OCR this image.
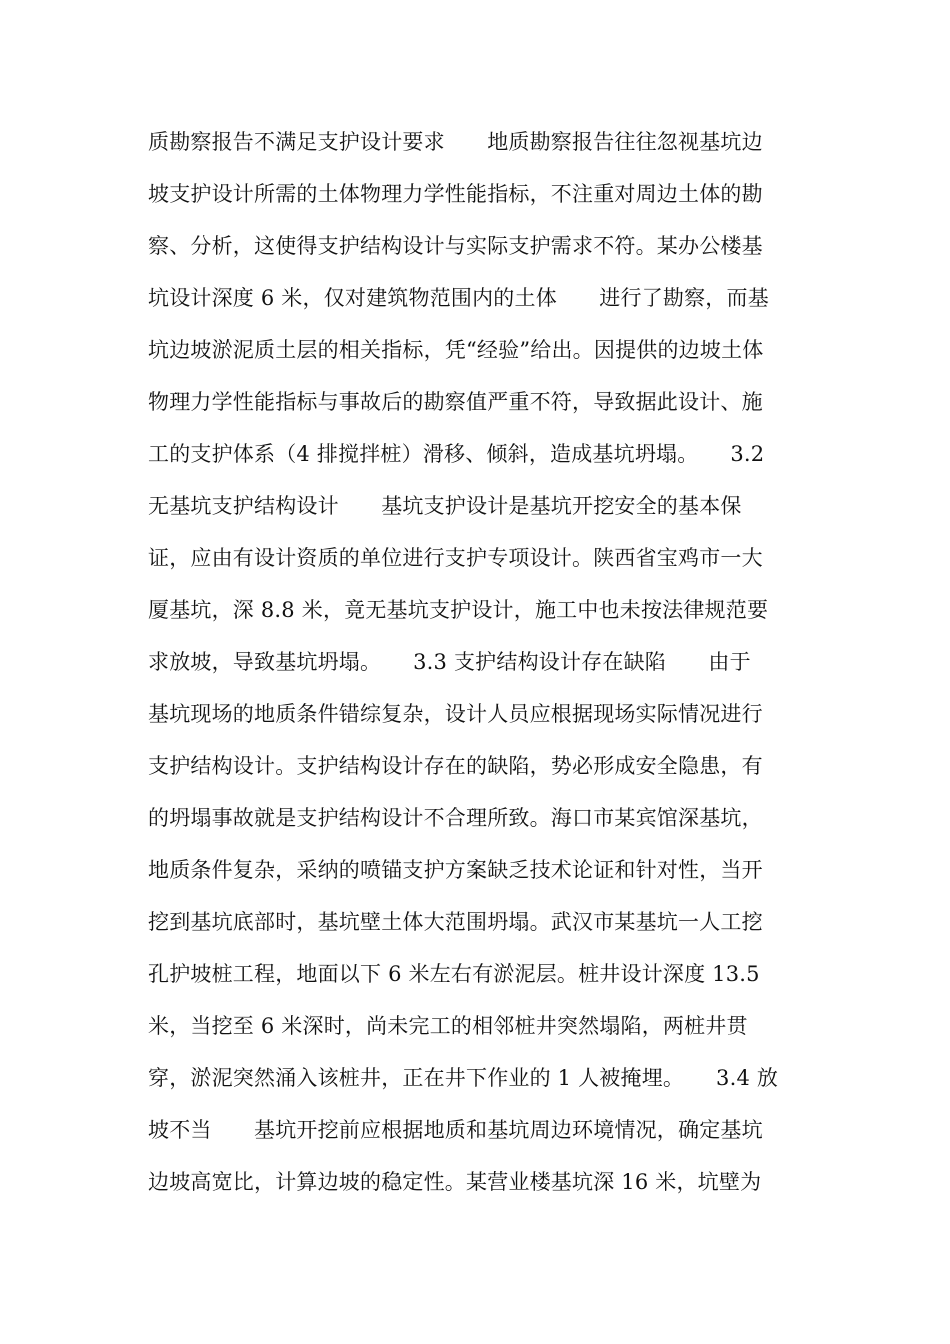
质勘察报告不满足支护设计要求　　地质勘察报告往往忽视基坑边
坡支护设计所需的土体物理力学性能指标，不注重对周边土体的勘
察、分析，这使得支护结构设计与实际支护需求不符。某办公楼基
坑设计深度 6 米，仅对建筑物范围内的土体　　进行了勘察，而基
坑边坡淤泥质土层的相关指标，凭“经验”给出。因提供的边坡土体
物理力学性能指标与事故后的勘察值严重不符，导致据此设计、施
工的支护体系（4 排搅拌桩）滑移、倾斜，造成基坑坍塌。　　3.2
无基坑支护结构设计　　基坑支护设计是基坑开挖安全的基本保
证，应由有设计资质的单位进行支护专项设计。陕西省宝鸡市一大
厦基坑，深 8.8 米，竟无基坑支护设计，施工中也未按法律规范要
求放坡，导致基坑坍塌。　　3.3 支护结构设计存在缺陷　　由于
基坑现场的地质条件错综复杂，设计人员应根据现场实际情况进行
支护结构设计。支护结构设计存在的缺陷，势必形成安全隐患，有
的坍塌事故就是支护结构设计不合理所致。海口市某宾馆深基坑，
地质条件复杂，采纳的喷锚支护方案缺乏技术论证和针对性，当开
挖到基坑底部时，基坑壁土体大范围坍塌。武汉市某基坑一人工挖
孔护坡桩工程，地面以下 6 米左右有淤泥层。桩井设计深度 13.5
米，当挖至 6 米深时，尚未完工的相邻桩井突然塌陷，两桩井贯
穿，淤泥突然涌入该桩井，正在井下作业的 1 人被掩埋。　　3.4 放
坡不当　　基坑开挖前应根据地质和基坑周边环境情况，确定基坑
边坡高宽比，计算边坡的稳定性。某营业楼基坑深 16 米，坑壁为
